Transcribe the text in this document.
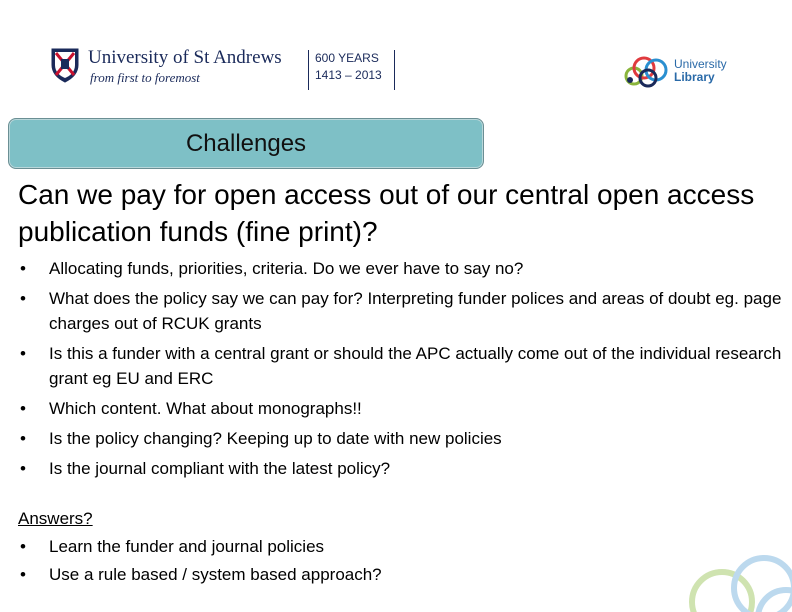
University of St Andrews
from first to foremost
600 YEARS
1413 – 2013
University
Library
Challenges
Can we pay for open access out of our central open access publication funds (fine print)?
• Allocating funds, priorities, criteria. Do we ever have to say no?
• What does the policy say we can pay for? Interpreting funder polices and areas of doubt eg. page charges out of RCUK grants
• Is this a funder with a central grant or should the APC actually come out of the individual research grant eg EU and ERC
• Which content. What about monographs!!
• Is the policy changing? Keeping up to date with new policies
• Is the journal compliant with the latest policy?
Answers?
• Learn the funder and journal policies
• Use a rule based / system based approach?
